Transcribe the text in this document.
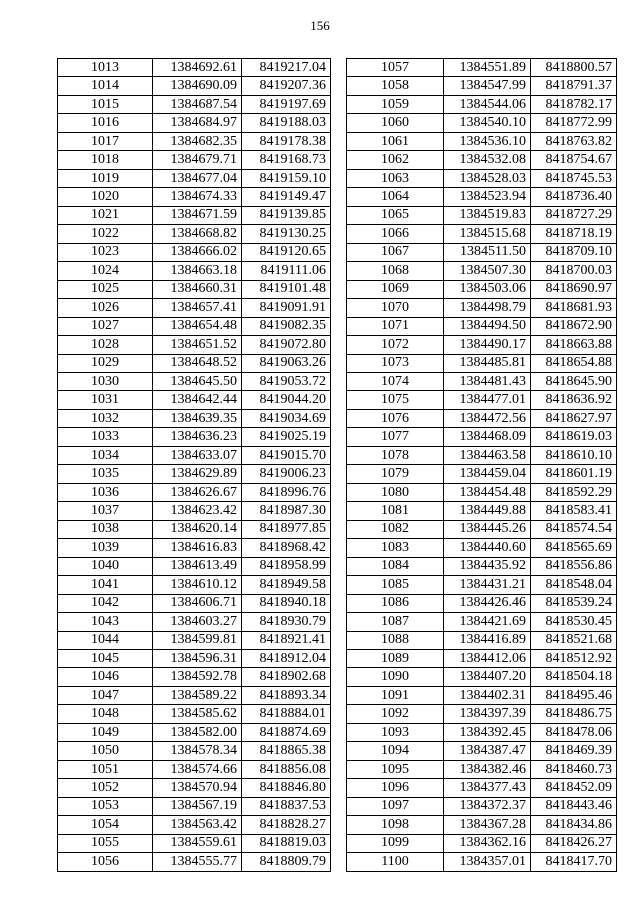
156
1013	1384692.61	8419217.04
1014	1384690.09	8419207.36
1015	1384687.54	8419197.69
1016	1384684.97	8419188.03
1017	1384682.35	8419178.38
1018	1384679.71	8419168.73
1019	1384677.04	8419159.10
1020	1384674.33	8419149.47
1021	1384671.59	8419139.85
1022	1384668.82	8419130.25
1023	1384666.02	8419120.65
1024	1384663.18	8419111.06
1025	1384660.31	8419101.48
1026	1384657.41	8419091.91
1027	1384654.48	8419082.35
1028	1384651.52	8419072.80
1029	1384648.52	8419063.26
1030	1384645.50	8419053.72
1031	1384642.44	8419044.20
1032	1384639.35	8419034.69
1033	1384636.23	8419025.19
1034	1384633.07	8419015.70
1035	1384629.89	8419006.23
1036	1384626.67	8418996.76
1037	1384623.42	8418987.30
1038	1384620.14	8418977.85
1039	1384616.83	8418968.42
1040	1384613.49	8418958.99
1041	1384610.12	8418949.58
1042	1384606.71	8418940.18
1043	1384603.27	8418930.79
1044	1384599.81	8418921.41
1045	1384596.31	8418912.04
1046	1384592.78	8418902.68
1047	1384589.22	8418893.34
1048	1384585.62	8418884.01
1049	1384582.00	8418874.69
1050	1384578.34	8418865.38
1051	1384574.66	8418856.08
1052	1384570.94	8418846.80
1053	1384567.19	8418837.53
1054	1384563.42	8418828.27
1055	1384559.61	8418819.03
1056	1384555.77	8418809.79
1057	1384551.89	8418800.57
1058	1384547.99	8418791.37
1059	1384544.06	8418782.17
1060	1384540.10	8418772.99
1061	1384536.10	8418763.82
1062	1384532.08	8418754.67
1063	1384528.03	8418745.53
1064	1384523.94	8418736.40
1065	1384519.83	8418727.29
1066	1384515.68	8418718.19
1067	1384511.50	8418709.10
1068	1384507.30	8418700.03
1069	1384503.06	8418690.97
1070	1384498.79	8418681.93
1071	1384494.50	8418672.90
1072	1384490.17	8418663.88
1073	1384485.81	8418654.88
1074	1384481.43	8418645.90
1075	1384477.01	8418636.92
1076	1384472.56	8418627.97
1077	1384468.09	8418619.03
1078	1384463.58	8418610.10
1079	1384459.04	8418601.19
1080	1384454.48	8418592.29
1081	1384449.88	8418583.41
1082	1384445.26	8418574.54
1083	1384440.60	8418565.69
1084	1384435.92	8418556.86
1085	1384431.21	8418548.04
1086	1384426.46	8418539.24
1087	1384421.69	8418530.45
1088	1384416.89	8418521.68
1089	1384412.06	8418512.92
1090	1384407.20	8418504.18
1091	1384402.31	8418495.46
1092	1384397.39	8418486.75
1093	1384392.45	8418478.06
1094	1384387.47	8418469.39
1095	1384382.46	8418460.73
1096	1384377.43	8418452.09
1097	1384372.37	8418443.46
1098	1384367.28	8418434.86
1099	1384362.16	8418426.27
1100	1384357.01	8418417.70
